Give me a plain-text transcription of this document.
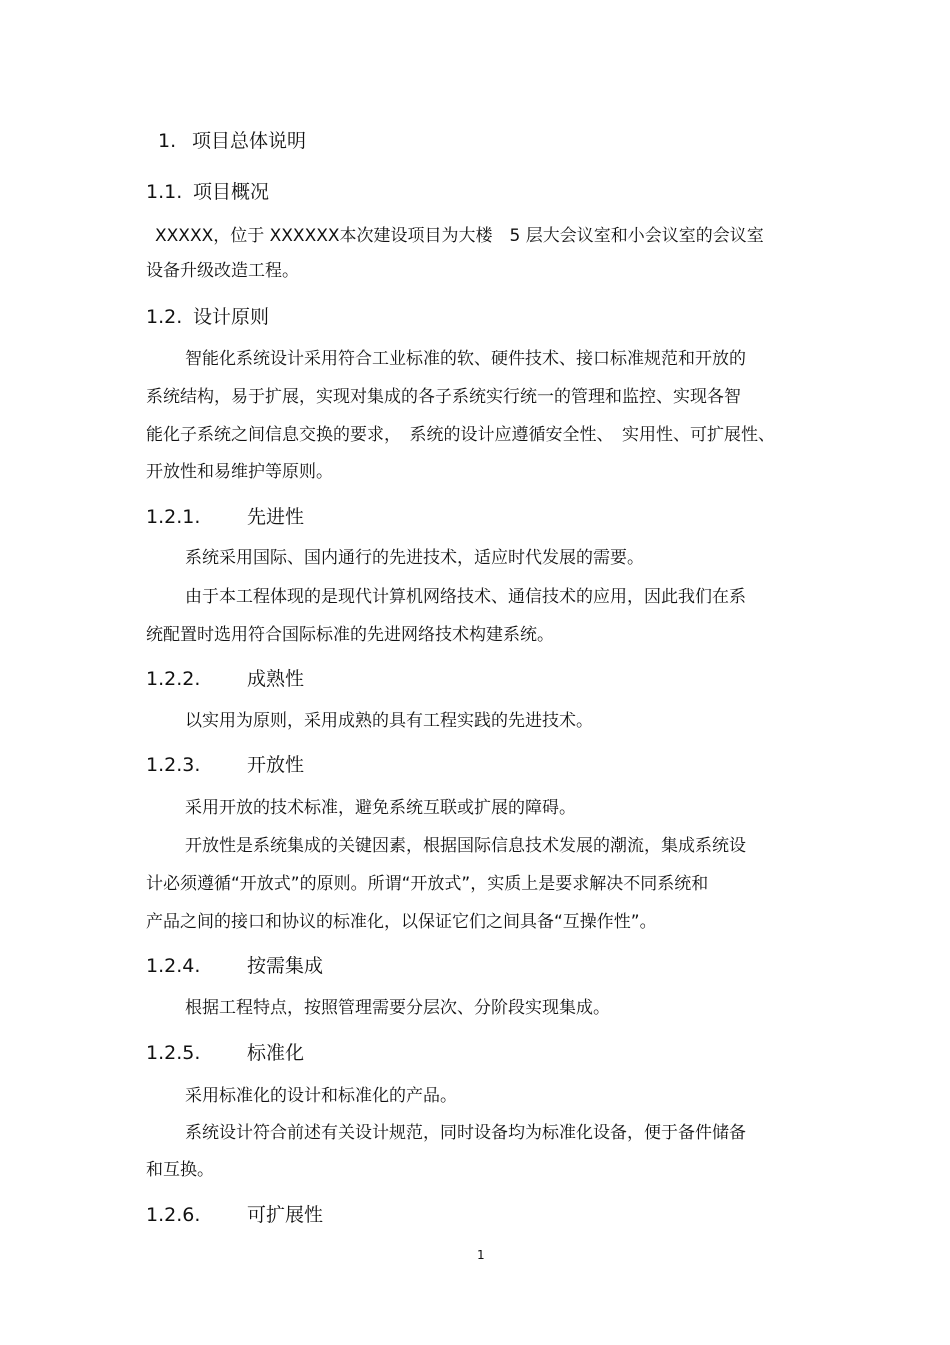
1. 项目总体说明
1.1. 项目概况
XXXXX，位于 XXXXXX本次建设项目为大楼　5 层大会议室和小会议室的会议室
设备升级改造工程。
1.2. 设计原则
智能化系统设计采用符合工业标准的软、硬件技术、接口标准规范和开放的
系统结构，易于扩展，实现对集成的各子系统实行统一的管理和监控、实现各智
能化子系统之间信息交换的要求，　系统的设计应遵循安全性、　实用性、可扩展性、
开放性和易维护等原则。
1.2.1. 先进性
系统采用国际、国内通行的先进技术，适应时代发展的需要。
由于本工程体现的是现代计算机网络技术、通信技术的应用，因此我们在系
统配置时选用符合国际标准的先进网络技术构建系统。
1.2.2. 成熟性
以实用为原则，采用成熟的具有工程实践的先进技术。
1.2.3. 开放性
采用开放的技术标准，避免系统互联或扩展的障碍。
开放性是系统集成的关键因素，根据国际信息技术发展的潮流，集成系统设
计必须遵循“开放式”的原则。所谓“开放式”，实质上是要求解决不同系统和
产品之间的接口和协议的标准化，以保证它们之间具备“互操作性”。
1.2.4. 按需集成
根据工程特点，按照管理需要分层次、分阶段实现集成。
1.2.5. 标准化
采用标准化的设计和标准化的产品。
系统设计符合前述有关设计规范，同时设备均为标准化设备，便于备件储备
和互换。
1.2.6. 可扩展性
1
